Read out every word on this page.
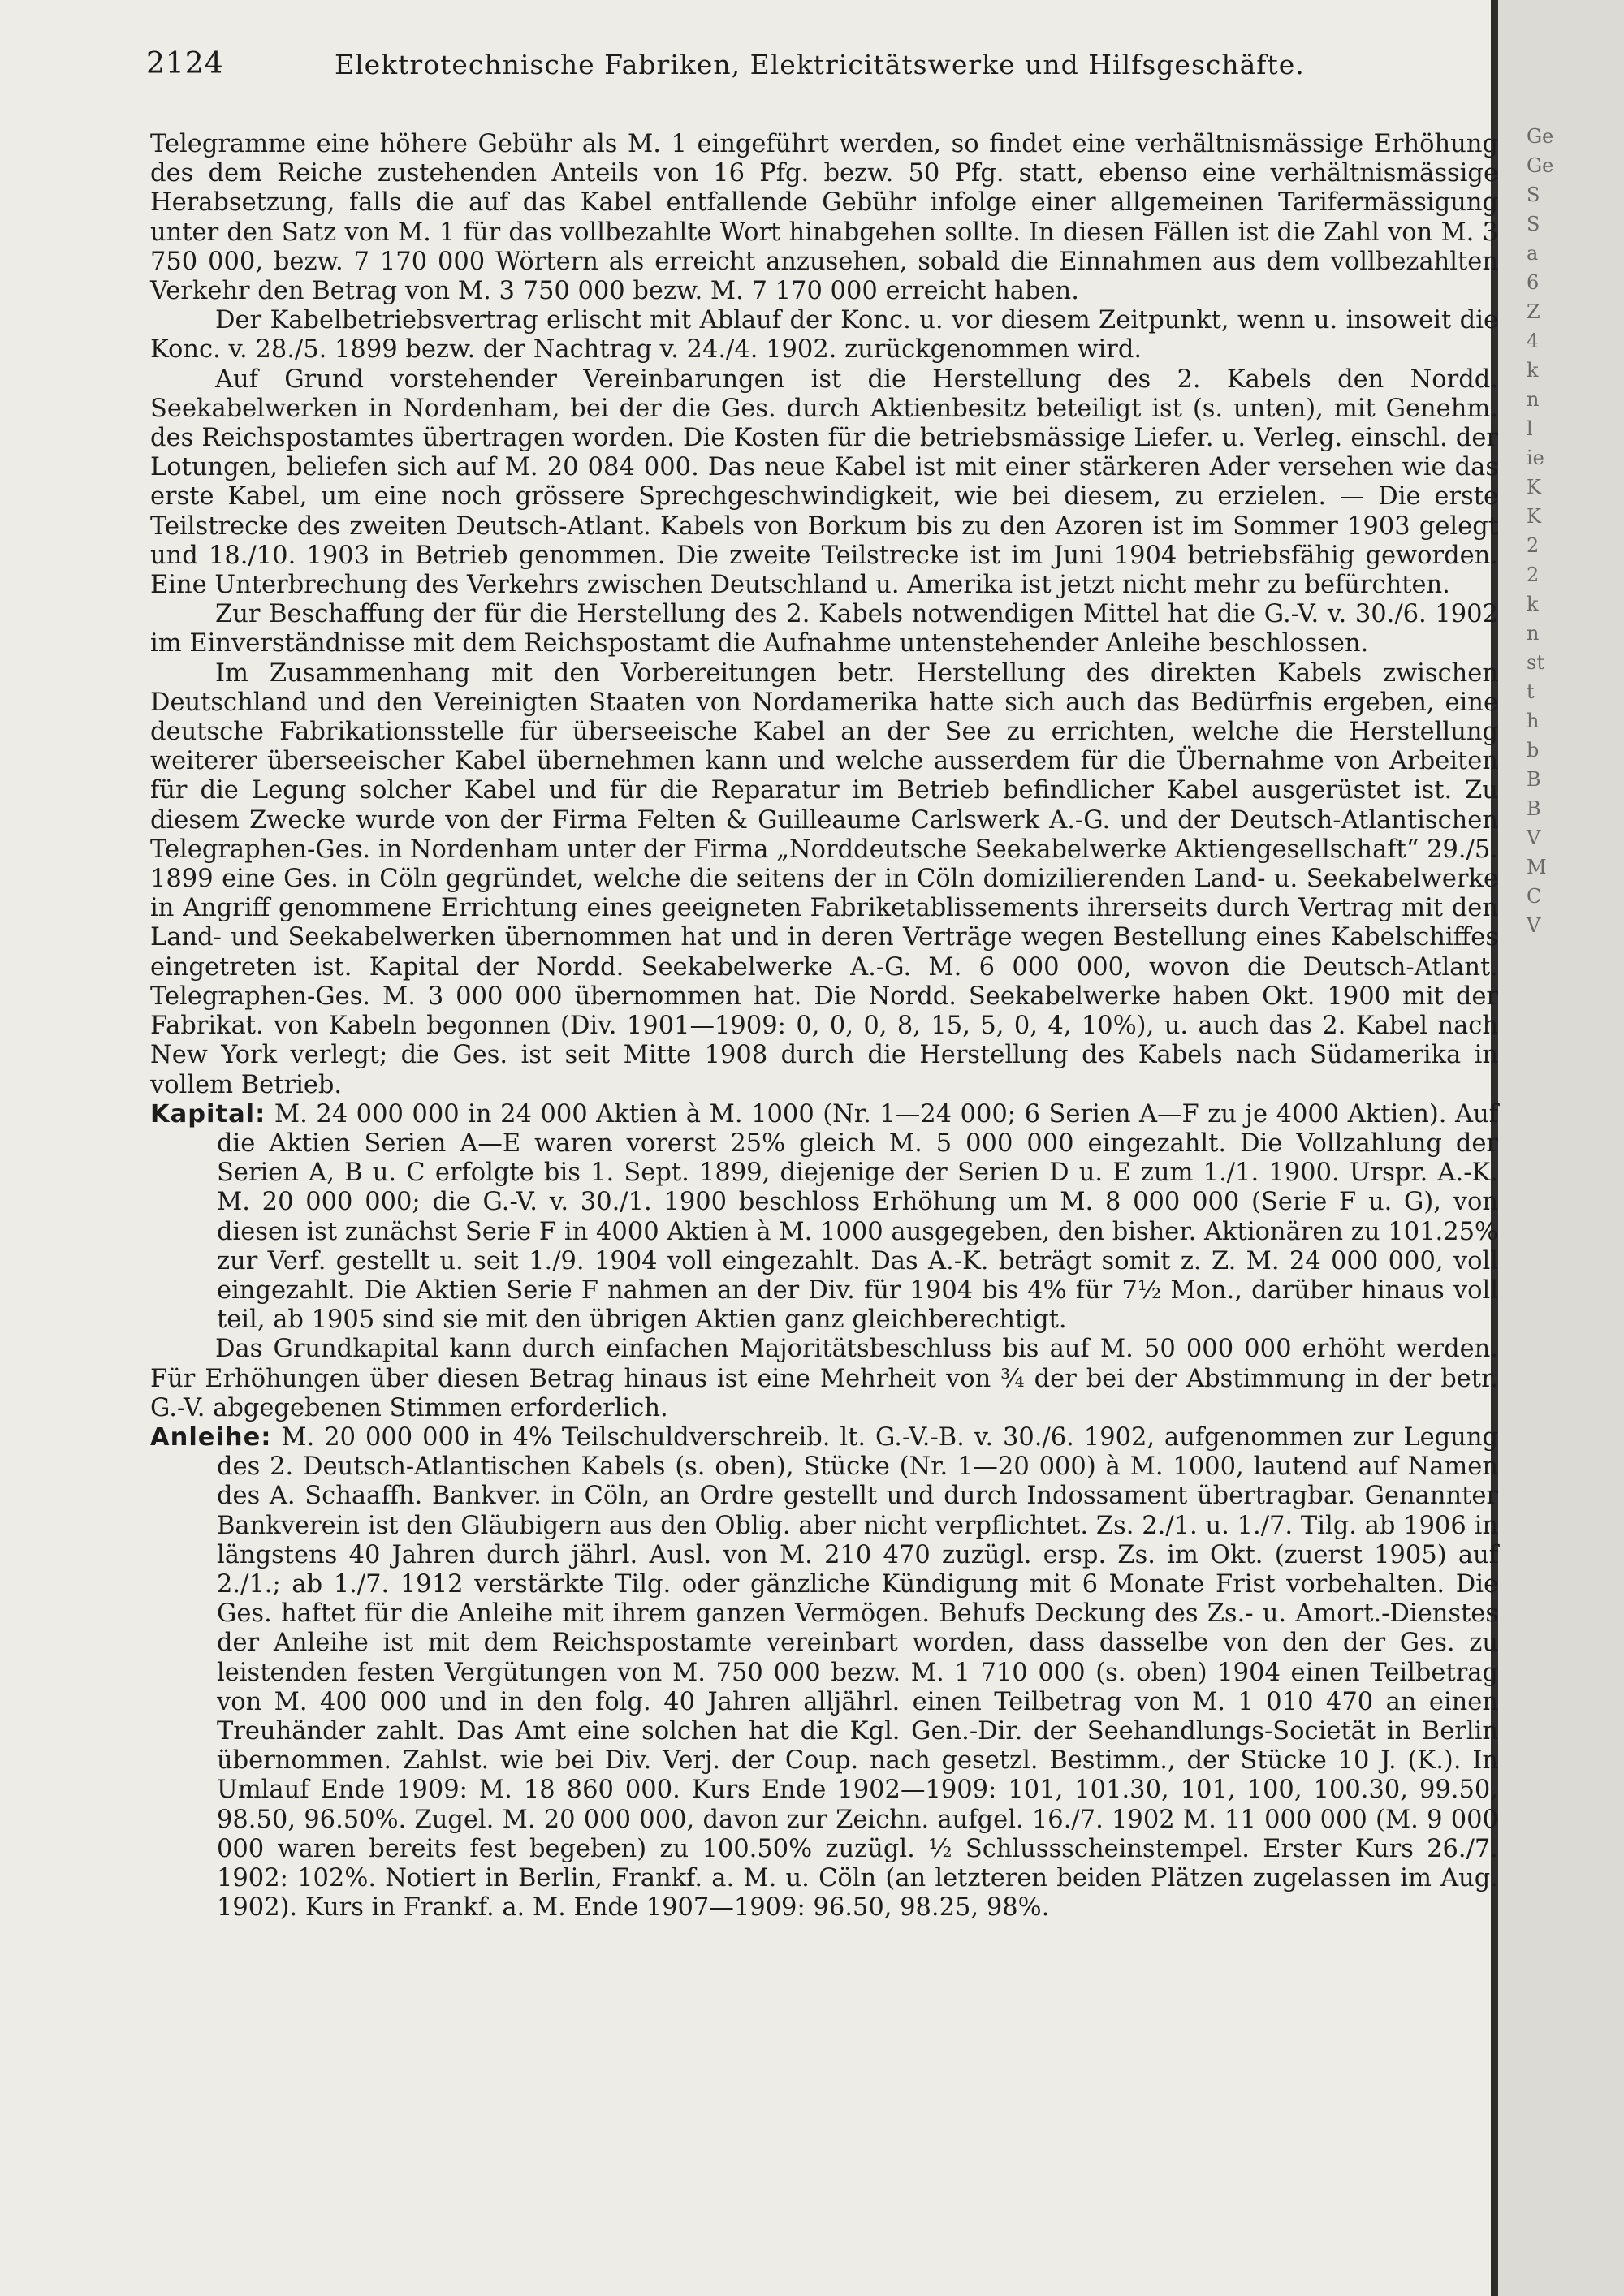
2124	Elektrotechnische Fabriken, Elektricitätswerke und Hilfsgeschäfte.

Telegramme eine höhere Gebühr als M. 1 eingeführt werden, so findet eine verhältnismässige Erhöhung des dem Reiche zustehenden Anteils von 16 Pfg. bezw. 50 Pfg. statt, ebenso eine verhältnismässige Herabsetzung, falls die auf das Kabel entfallende Gebühr infolge einer allgemeinen Tarifermässigung unter den Satz von M. 1 für das vollbezahlte Wort hinabgehen sollte. In diesen Fällen ist die Zahl von M. 3 750 000, bezw. 7 170 000 Wörtern als erreicht anzusehen, sobald die Einnahmen aus dem vollbezahlten Verkehr den Betrag von M. 3 750 000 bezw. M. 7 170 000 erreicht haben.

Der Kabelbetriebsvertrag erlischt mit Ablauf der Konc. u. vor diesem Zeitpunkt, wenn u. insoweit die Konc. v. 28./5. 1899 bezw. der Nachtrag v. 24./4. 1902. zurückgenommen wird.

Auf Grund vorstehender Vereinbarungen ist die Herstellung des 2. Kabels den Nordd. Seekabelwerken in Nordenham, bei der die Ges. durch Aktienbesitz beteiligt ist (s. unten), mit Genehm. des Reichspostamtes übertragen worden. Die Kosten für die betriebsmässige Liefer. u. Verleg. einschl. der Lotungen, beliefen sich auf M. 20 084 000. Das neue Kabel ist mit einer stärkeren Ader versehen wie das erste Kabel, um eine noch grössere Sprechgeschwindigkeit, wie bei diesem, zu erzielen. — Die erste Teilstrecke des zweiten Deutsch-Atlant. Kabels von Borkum bis zu den Azoren ist im Sommer 1903 gelegt und 18./10. 1903 in Betrieb genommen. Die zweite Teilstrecke ist im Juni 1904 betriebsfähig geworden. Eine Unterbrechung des Verkehrs zwischen Deutschland u. Amerika ist jetzt nicht mehr zu befürchten.

Zur Beschaffung der für die Herstellung des 2. Kabels notwendigen Mittel hat die G.-V. v. 30./6. 1902 im Einverständnisse mit dem Reichspostamt die Aufnahme untenstehender Anleihe beschlossen.

Im Zusammenhang mit den Vorbereitungen betr. Herstellung des direkten Kabels zwischen Deutschland und den Vereinigten Staaten von Nordamerika hatte sich auch das Bedürfnis ergeben, eine deutsche Fabrikationsstelle für überseeische Kabel an der See zu errichten, welche die Herstellung weiterer überseeischer Kabel übernehmen kann und welche ausserdem für die Übernahme von Arbeiten für die Legung solcher Kabel und für die Reparatur im Betrieb befindlicher Kabel ausgerüstet ist. Zu diesem Zwecke wurde von der Firma Felten & Guilleaume Carlswerk A.-G. und der Deutsch-Atlantischen Telegraphen-Ges. in Nordenham unter der Firma „Norddeutsche Seekabelwerke Aktiengesellschaft“ 29./5. 1899 eine Ges. in Cöln gegründet, welche die seitens der in Cöln domizilierenden Land- u. Seekabelwerke in Angriff genommene Errichtung eines geeigneten Fabriketablissements ihrerseits durch Vertrag mit den Land- und Seekabelwerken übernommen hat und in deren Verträge wegen Bestellung eines Kabelschiffes eingetreten ist. Kapital der Nordd. Seekabelwerke A.-G. M. 6 000 000, wovon die Deutsch-Atlant. Telegraphen-Ges. M. 3 000 000 übernommen hat. Die Nordd. Seekabelwerke haben Okt. 1900 mit der Fabrikat. von Kabeln begonnen (Div. 1901—1909: 0, 0, 0, 8, 15, 5, 0, 4, 10%), u. auch das 2. Kabel nach New York verlegt; die Ges. ist seit Mitte 1908 durch die Herstellung des Kabels nach Südamerika in vollem Betrieb.

Kapital: M. 24 000 000 in 24 000 Aktien à M. 1000 (Nr. 1—24 000; 6 Serien A—F zu je 4000 Aktien). Auf die Aktien Serien A—E waren vorerst 25% gleich M. 5 000 000 eingezahlt. Die Vollzahlung der Serien A, B u. C erfolgte bis 1. Sept. 1899, diejenige der Serien D u. E zum 1./1. 1900. Urspr. A.-K. M. 20 000 000; die G.-V. v. 30./1. 1900 beschloss Erhöhung um M. 8 000 000 (Serie F u. G), von diesen ist zunächst Serie F in 4000 Aktien à M. 1000 ausgegeben, den bisher. Aktionären zu 101.25% zur Verf. gestellt u. seit 1./9. 1904 voll eingezahlt. Das A.-K. beträgt somit z. Z. M. 24 000 000, voll eingezahlt. Die Aktien Serie F nahmen an der Div. für 1904 bis 4% für 7½ Mon., darüber hinaus voll teil, ab 1905 sind sie mit den übrigen Aktien ganz gleichberechtigt.

Das Grundkapital kann durch einfachen Majoritätsbeschluss bis auf M. 50 000 000 erhöht werden. Für Erhöhungen über diesen Betrag hinaus ist eine Mehrheit von ¾ der bei der Abstimmung in der betr. G.-V. abgegebenen Stimmen erforderlich.

Anleihe: M. 20 000 000 in 4% Teilschuldverschreib. lt. G.-V.-B. v. 30./6. 1902, aufgenommen zur Legung des 2. Deutsch-Atlantischen Kabels (s. oben), Stücke (Nr. 1—20 000) à M. 1000, lautend auf Namen des A. Schaaffh. Bankver. in Cöln, an Ordre gestellt und durch Indossament übertragbar. Genannter Bankverein ist den Gläubigern aus den Oblig. aber nicht verpflichtet. Zs. 2./1. u. 1./7. Tilg. ab 1906 in längstens 40 Jahren durch jährl. Ausl. von M. 210 470 zuzügl. ersp. Zs. im Okt. (zuerst 1905) auf 2./1.; ab 1./7. 1912 verstärkte Tilg. oder gänzliche Kündigung mit 6 Monate Frist vorbehalten. Die Ges. haftet für die Anleihe mit ihrem ganzen Vermögen. Behufs Deckung des Zs.- u. Amort.-Dienstes der Anleihe ist mit dem Reichspostamte vereinbart worden, dass dasselbe von den der Ges. zu leistenden festen Vergütungen von M. 750 000 bezw. M. 1 710 000 (s. oben) 1904 einen Teilbetrag von M. 400 000 und in den folg. 40 Jahren alljährl. einen Teilbetrag von M. 1 010 470 an einen Treuhänder zahlt. Das Amt eine solchen hat die Kgl. Gen.-Dir. der Seehandlungs-Societät in Berlin übernommen. Zahlst. wie bei Div. Verj. der Coup. nach gesetzl. Bestimm., der Stücke 10 J. (K.). In Umlauf Ende 1909: M. 18 860 000. Kurs Ende 1902—1909: 101, 101.30, 101, 100, 100.30, 99.50, 98.50, 96.50%. Zugel. M. 20 000 000, davon zur Zeichn. aufgel. 16./7. 1902 M. 11 000 000 (M. 9 000 000 waren bereits fest begeben) zu 100.50% zuzügl. ½ Schlussscheinstempel. Erster Kurs 26./7. 1902: 102%. Notiert in Berlin, Frankf. a. M. u. Cöln (an letzteren beiden Plätzen zugelassen im Aug. 1902). Kurs in Frankf. a. M. Ende 1907—1909: 96.50, 98.25, 98%.

Ge
Ge
S
S
a
6
Z
4
k
n
l
ie
K
K
2
2
k
n
st
t
h
b
B
B
V
M
C
V
